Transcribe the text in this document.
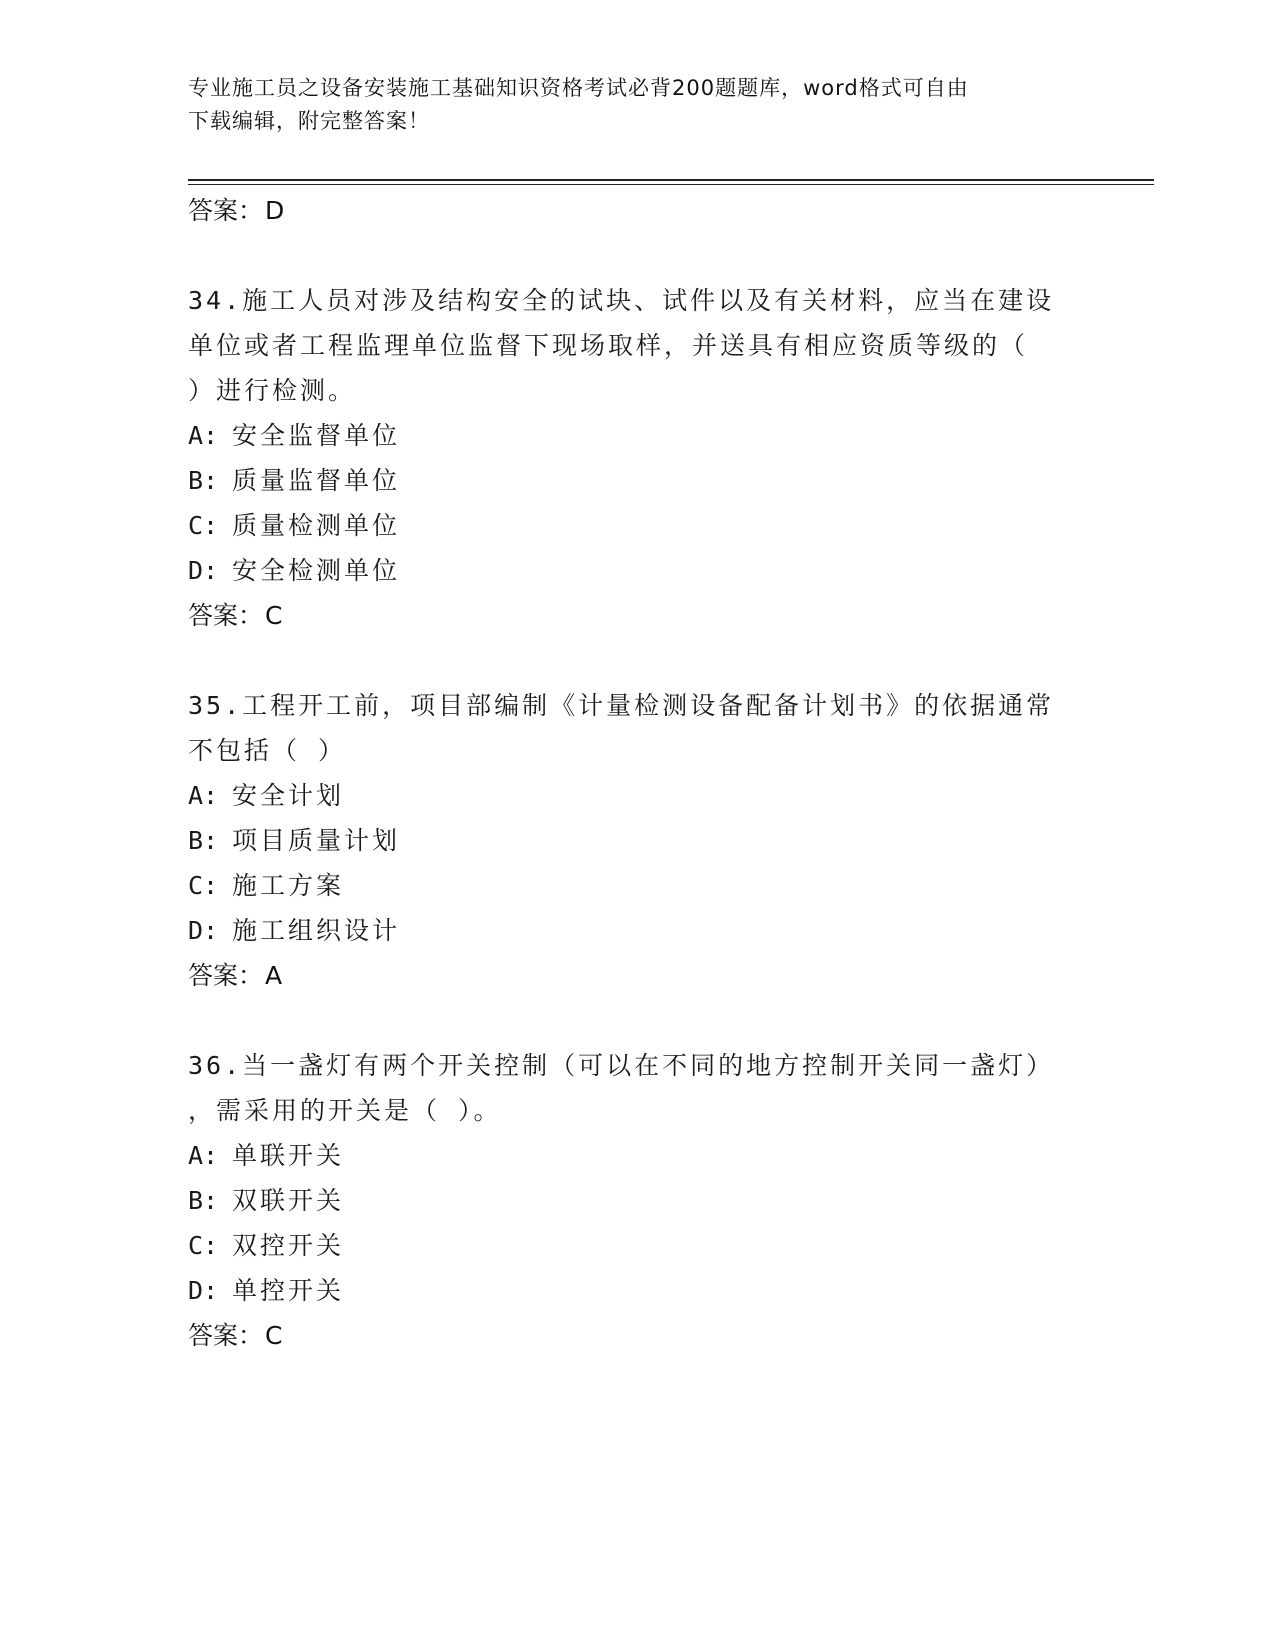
专业施工员之设备安装施工基础知识资格考试必背200题题库，word格式可自由
下载编辑，附完整答案！
答案：D
34.施工人员对涉及结构安全的试块、试件以及有关材料，应当在建设
单位或者工程监理单位监督下现场取样，并送具有相应资质等级的（
）进行检测。
A: 安全监督单位
B: 质量监督单位
C: 质量检测单位
D: 安全检测单位
答案：C
35.工程开工前，项目部编制《计量检测设备配备计划书》的依据通常
不包括（ ）
A: 安全计划
B: 项目质量计划
C: 施工方案
D: 施工组织设计
答案：A
36.当一盏灯有两个开关控制（可以在不同的地方控制开关同一盏灯）
，需采用的开关是（ ）。
A: 单联开关
B: 双联开关
C: 双控开关
D: 单控开关
答案：C
